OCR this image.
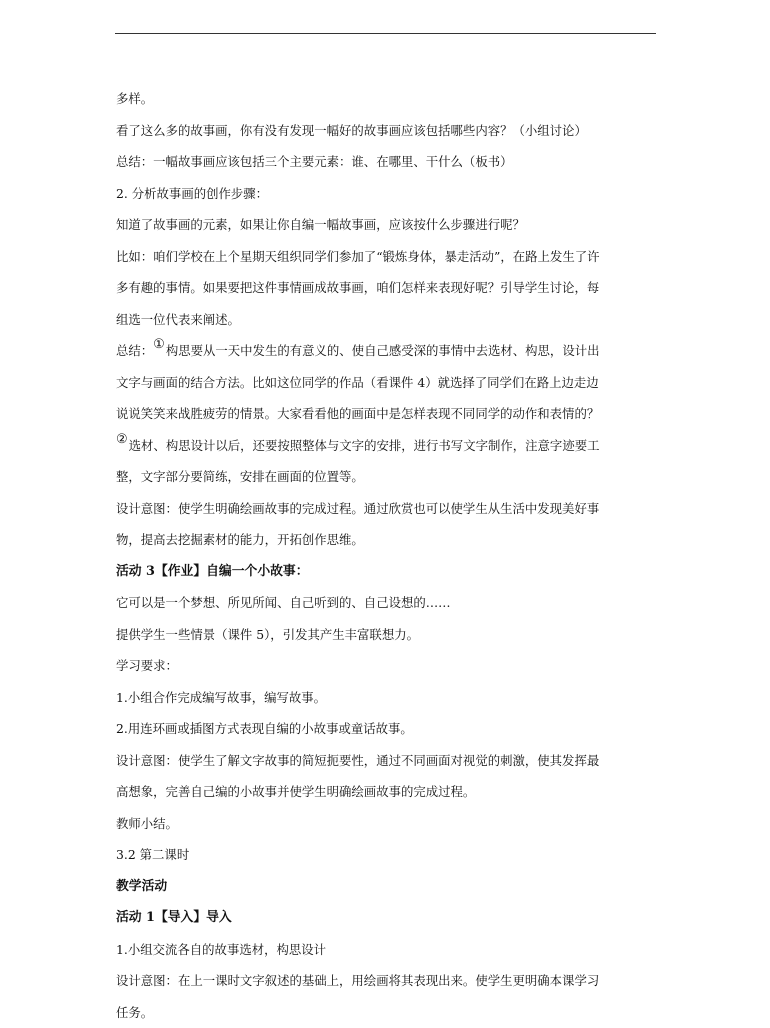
多样。
看了这么多的故事画，你有没有发现一幅好的故事画应该包括哪些内容？（小组讨论）
总结：一幅故事画应该包括三个主要元素：谁、在哪里、干什么（板书）
2. 分析故事画的创作步骤：
知道了故事画的元素，如果让你自编一幅故事画，应该按什么步骤进行呢？
比如：咱们学校在上个星期天组织同学们参加了“锻炼身体，暴走活动”，在路上发生了许
多有趣的事情。如果要把这件事情画成故事画，咱们怎样来表现好呢？引导学生讨论，每
组选一位代表来阐述。
总结：①构思要从一天中发生的有意义的、使自己感受深的事情中去选材、构思，设计出
文字与画面的结合方法。比如这位同学的作品（看课件 4）就选择了同学们在路上边走边
说说笑笑来战胜疲劳的情景。大家看看他的画面中是怎样表现不同同学的动作和表情的？
②选材、构思设计以后，还要按照整体与文字的安排，进行书写文字制作，注意字迹要工
整，文字部分要简练，安排在画面的位置等。
设计意图：使学生明确绘画故事的完成过程。通过欣赏也可以使学生从生活中发现美好事
物，提高去挖掘素材的能力，开拓创作思维。
活动 3【作业】自编一个小故事：
它可以是一个梦想、所见所闻、自己听到的、自己设想的……
提供学生一些情景（课件 5），引发其产生丰富联想力。
学习要求：
1.小组合作完成编写故事，编写故事。
2.用连环画或插图方式表现自编的小故事或童话故事。
设计意图：使学生了解文字故事的简短扼要性，通过不同画面对视觉的刺激，使其发挥最
高想象，完善自己编的小故事并使学生明确绘画故事的完成过程。
教师小结。
3.2 第二课时
教学活动
活动 1【导入】导入
1.小组交流各自的故事选材，构思设计
设计意图：在上一课时文字叙述的基础上，用绘画将其表现出来。使学生更明确本课学习
任务。
